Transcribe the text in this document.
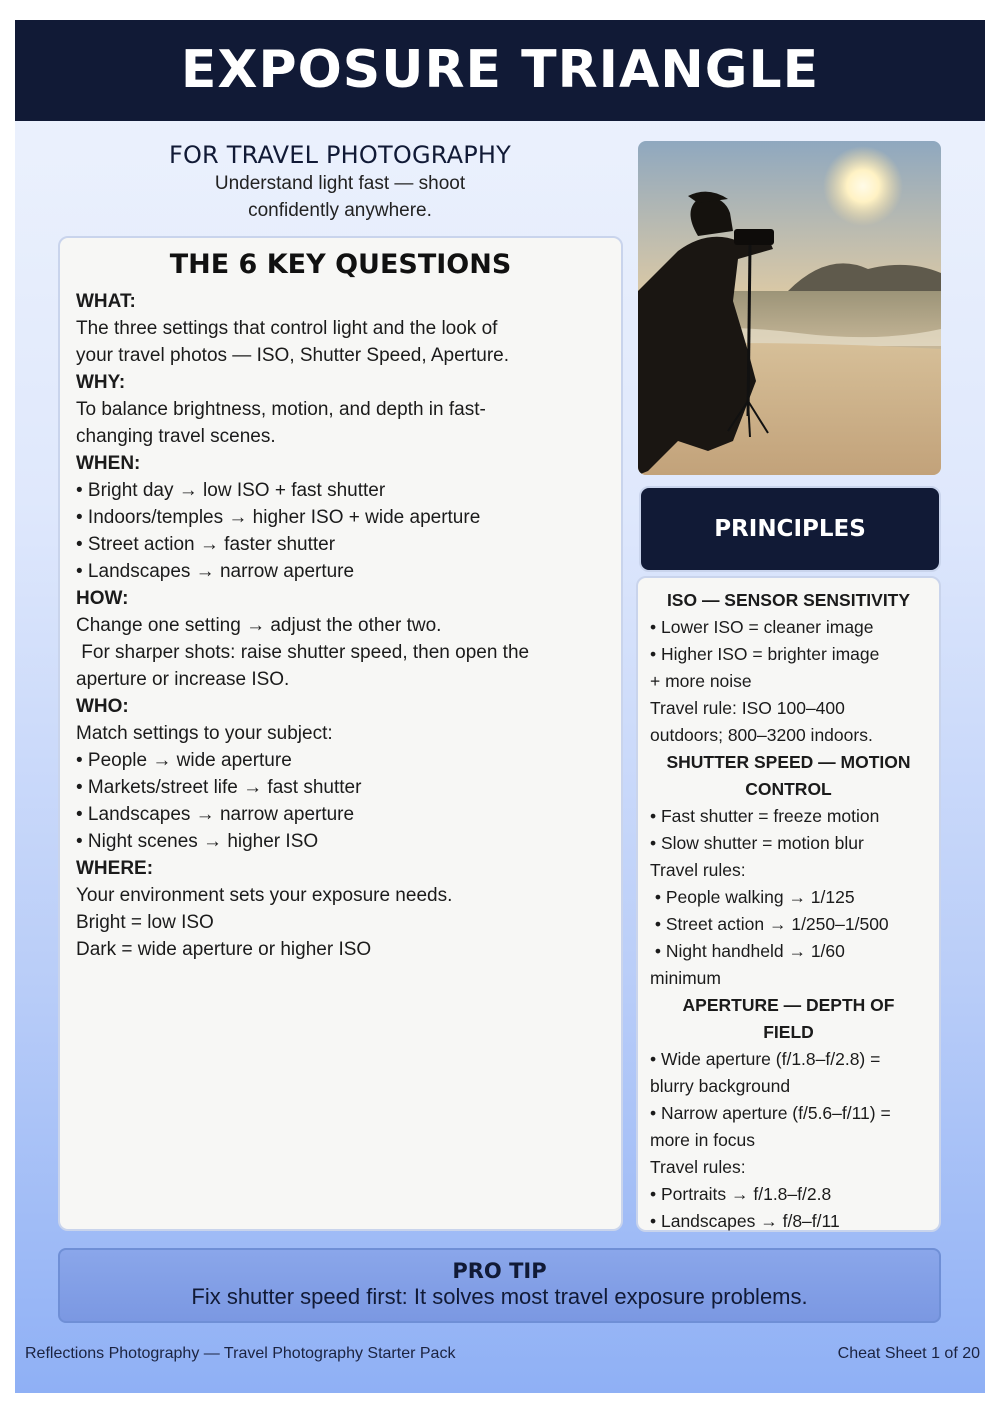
EXPOSURE TRIANGLE
FOR TRAVEL PHOTOGRAPHY
Understand light fast — shoot
confidently anywhere.
THE 6 KEY QUESTIONS
WHAT:
The three settings that control light and the look of
your travel photos — ISO, Shutter Speed, Aperture.
WHY:
To balance brightness, motion, and depth in fast-
changing travel scenes.
WHEN:
• Bright day → low ISO + fast shutter
• Indoors/temples → higher ISO + wide aperture
• Street action → faster shutter
• Landscapes → narrow aperture
HOW:
Change one setting → adjust the other two.
For sharper shots: raise shutter speed, then open the
aperture or increase ISO.
WHO:
Match settings to your subject:
• People → wide aperture
• Markets/street life → fast shutter
• Landscapes → narrow aperture
• Night scenes → higher ISO
WHERE:
Your environment sets your exposure needs.
Bright = low ISO
Dark = wide aperture or higher ISO
PRINCIPLES
ISO — SENSOR SENSITIVITY
• Lower ISO = cleaner image
• Higher ISO = brighter image
+ more noise
Travel rule: ISO 100–400
outdoors; 800–3200 indoors.
SHUTTER SPEED — MOTION
CONTROL
• Fast shutter = freeze motion
• Slow shutter = motion blur
Travel rules:
• People walking → 1/125
• Street action → 1/250–1/500
• Night handheld → 1/60
minimum
APERTURE — DEPTH OF
FIELD
• Wide aperture (f/1.8–f/2.8) =
blurry background
• Narrow aperture (f/5.6–f/11) =
more in focus
Travel rules:
• Portraits → f/1.8–f/2.8
• Landscapes → f/8–f/11
PRO TIP
Fix shutter speed first: It solves most travel exposure problems.
Reflections Photography — Travel Photography Starter Pack	Cheat Sheet 1 of 20
